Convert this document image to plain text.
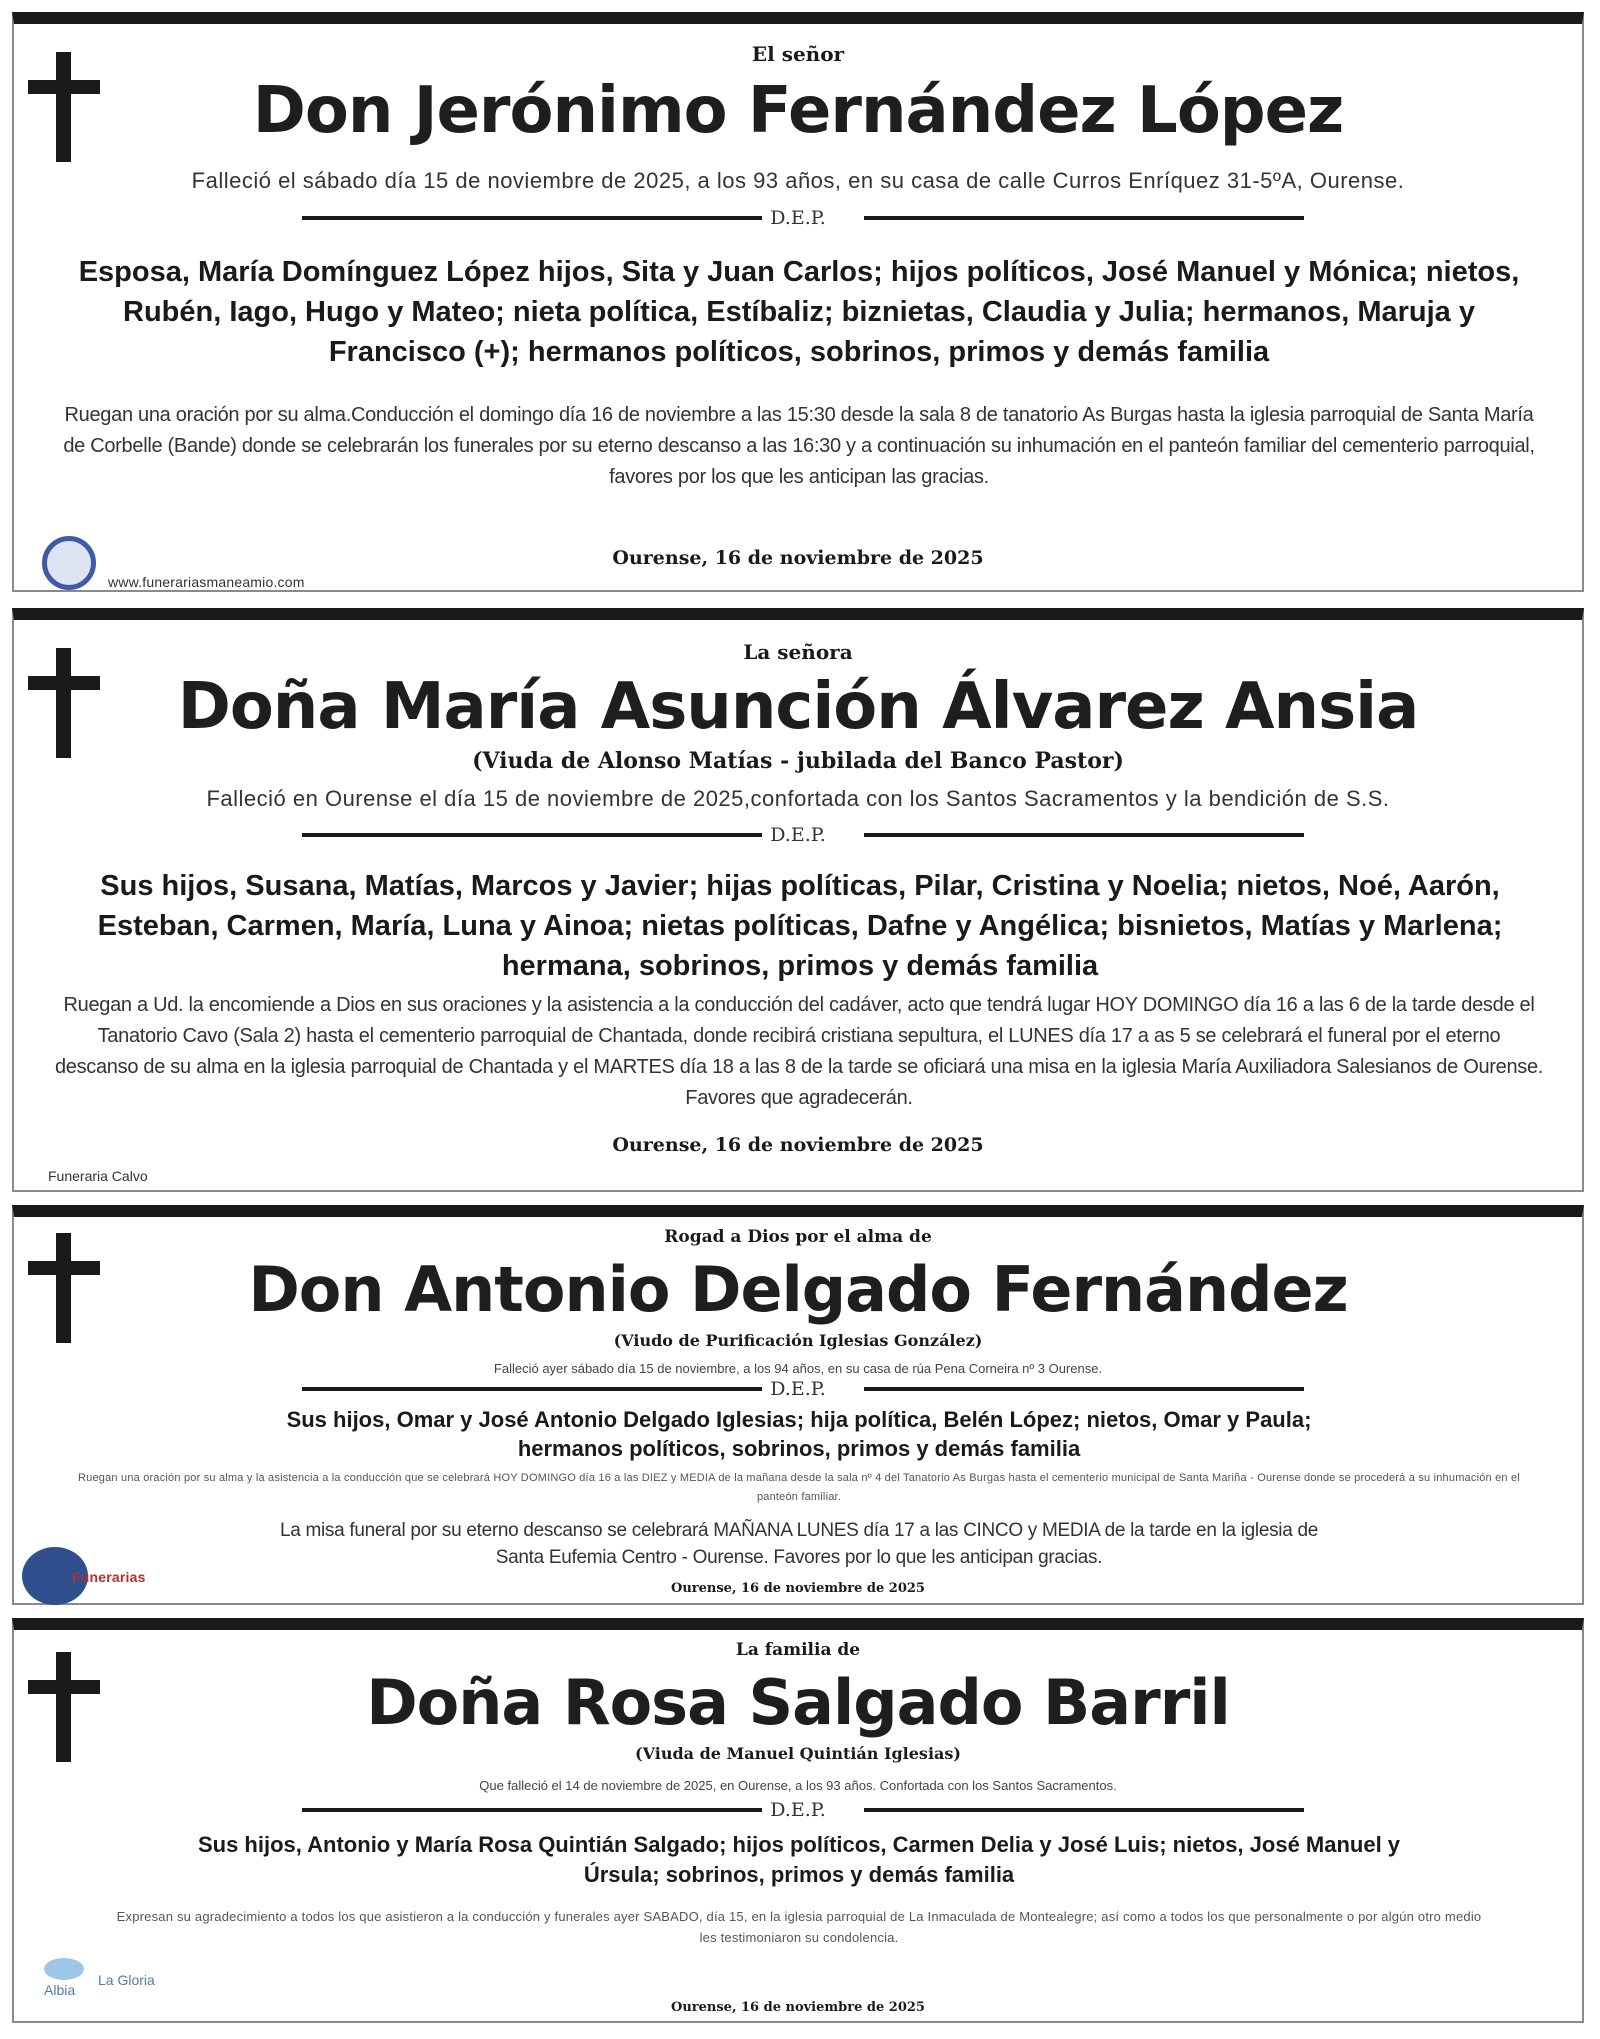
El señor
Don Jerónimo Fernández López
Falleció el sábado día 15 de noviembre de 2025, a los 93 años, en su casa de calle Curros Enríquez 31-5ºA, Ourense.
D.E.P.
Esposa, María Domínguez López hijos, Sita y Juan Carlos; hijos políticos, José Manuel y Mónica; nietos, Rubén, Iago, Hugo y Mateo; nieta política, Estíbaliz; biznietas, Claudia y Julia; hermanos, Maruja y Francisco (+); hermanos políticos, sobrinos, primos y demás familia
Ruegan una oración por su alma.Conducción el domingo día 16 de noviembre a las 15:30 desde la sala 8 de tanatorio As Burgas hasta la iglesia parroquial de Santa María de Corbelle (Bande) donde se celebrarán los funerales por su eterno descanso a las 16:30 y a continuación su inhumación en el panteón familiar del cementerio parroquial, favores por los que les anticipan las gracias.
Ourense, 16 de noviembre de 2025
www.funerariasmaneamio.com
La señora
Doña María Asunción Álvarez Ansia
(Viuda de Alonso Matías - jubilada del Banco Pastor)
Falleció en Ourense el día 15 de noviembre de 2025,confortada con los Santos Sacramentos y la bendición de S.S.
D.E.P.
Sus hijos, Susana, Matías, Marcos y Javier; hijas políticas, Pilar, Cristina y Noelia; nietos, Noé, Aarón, Esteban, Carmen, María, Luna y Ainoa; nietas políticas, Dafne y Angélica; bisnietos, Matías y Marlena; hermana, sobrinos, primos y demás familia
Ruegan a Ud. la encomiende a Dios en sus oraciones y la asistencia a la conducción del cadáver, acto que tendrá lugar HOY DOMINGO día 16 a las 6 de la tarde desde el Tanatorio Cavo (Sala 2) hasta el cementerio parroquial de Chantada, donde recibirá cristiana sepultura, el LUNES día 17 a as 5 se celebrará el funeral por el eterno descanso de su alma en la iglesia parroquial de Chantada y el MARTES día 18 a las 8 de la tarde se oficiará una misa en la iglesia María Auxiliadora Salesianos de Ourense. Favores que agradecerán.
Ourense, 16 de noviembre de 2025
Funeraria Calvo
Rogad a Dios por el alma de
Don Antonio Delgado Fernández
(Viudo de Purificación Iglesias González)
Falleció ayer sábado día 15 de noviembre, a los 94 años, en su casa de rúa Pena Corneira nº 3 Ourense.
D.E.P.
Sus hijos, Omar y José Antonio Delgado Iglesias; hija política, Belén López; nietos, Omar y Paula; hermanos políticos, sobrinos, primos y demás familia
Ruegan una oración por su alma y la asistencia a la conducción que se celebrará HOY DOMINGO día 16 a las DIEZ y MEDIA de la mañana desde la sala nº 4 del Tanatorio As Burgas hasta el cementerio municipal de Santa Mariña - Ourense donde se procederá a su inhumación en el panteón familiar.
La misa funeral por su eterno descanso se celebrará MAÑANA LUNES día 17 a las CINCO y MEDIA de la tarde en la iglesia de Santa Eufemia Centro - Ourense. Favores por lo que les anticipan gracias.
Ourense, 16 de noviembre de 2025
Funerarias
La familia de
Doña Rosa Salgado Barril
(Viuda de Manuel Quintián Iglesias)
Que falleció el 14 de noviembre de 2025, en Ourense, a los 93 años. Confortada con los Santos Sacramentos.
D.E.P.
Sus hijos, Antonio y María Rosa Quintián Salgado; hijos políticos, Carmen Delia y José Luis; nietos, José Manuel y Úrsula; sobrinos, primos y demás familia
Expresan su agradecimiento a todos los que asistieron a la conducción y funerales ayer SABADO, día 15, en la iglesia parroquial de La Inmaculada de Montealegre; así como a todos los que personalmente o por algún otro medio les testimoniaron su condolencia.
Ourense, 16 de noviembre de 2025
Albia
La Gloria
